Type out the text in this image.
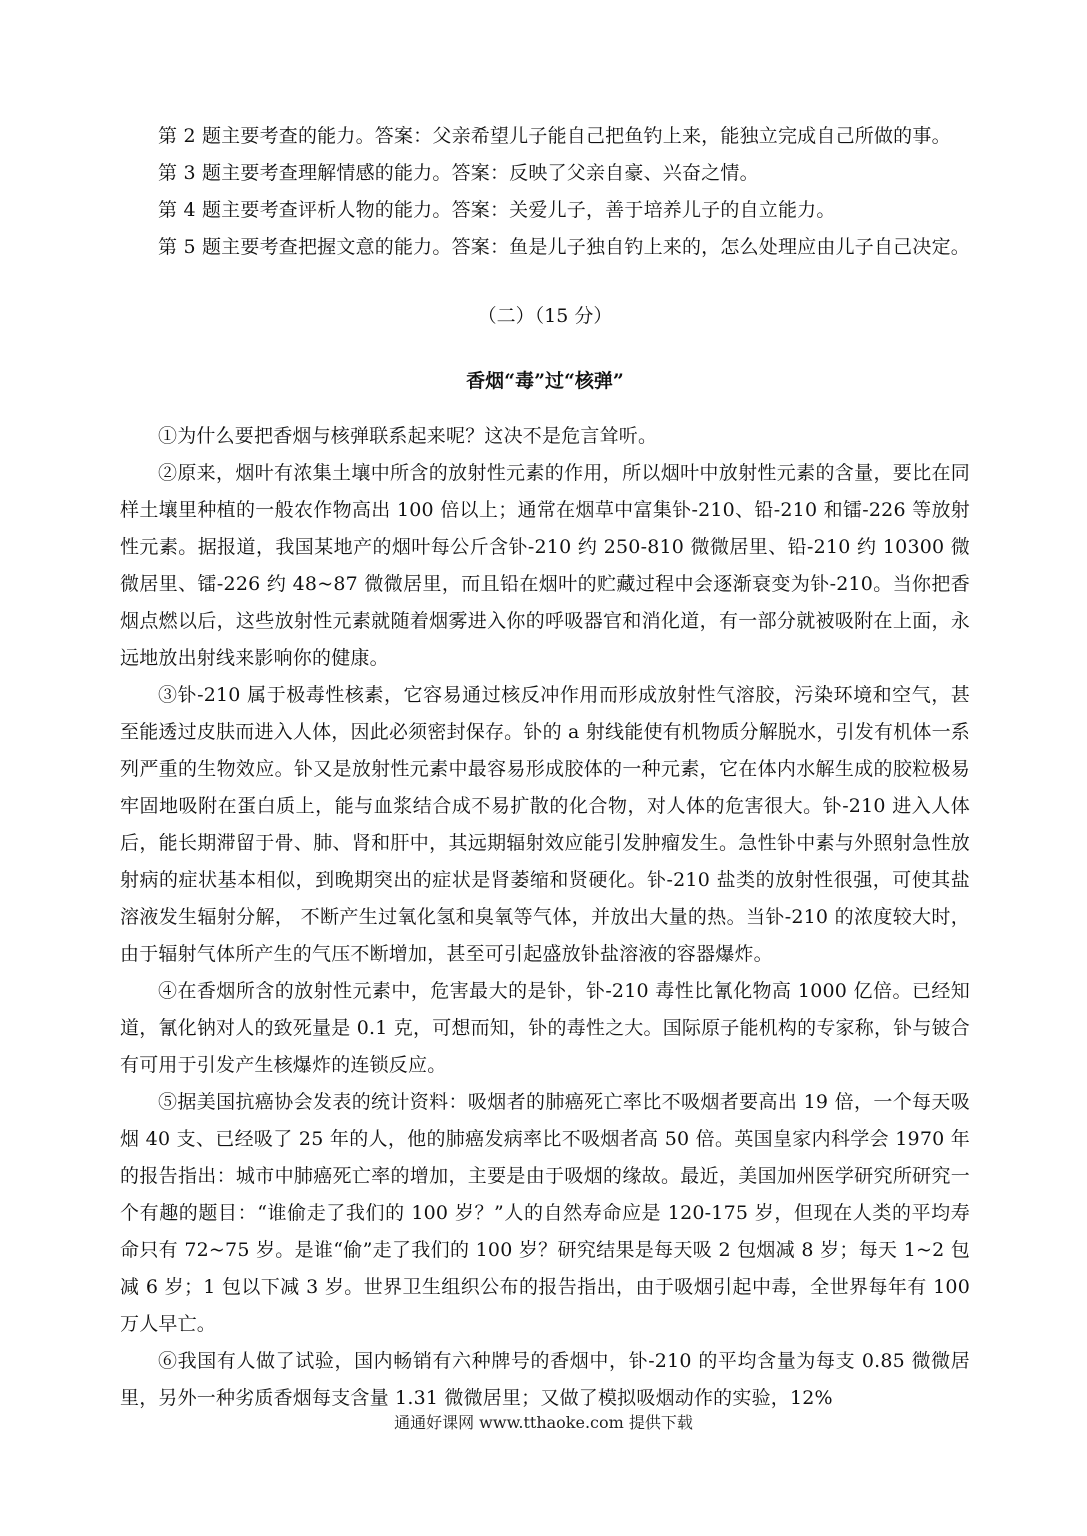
第 2 题主要考查的能力。答案：父亲希望儿子能自己把鱼钓上来，能独立完成自己所做的事。

第 3 题主要考查理解情感的能力。答案：反映了父亲自豪、兴奋之情。

第 4 题主要考查评析人物的能力。答案：关爱儿子，善于培养儿子的自立能力。

第 5 题主要考查把握文意的能力。答案：鱼是儿子独自钓上来的，怎么处理应由儿子自己决定。

（二）（15 分）
香烟“毒”过“核弹”

①为什么要把香烟与核弹联系起来呢？这决不是危言耸听。

②原来，烟叶有浓集土壤中所含的放射性元素的作用，所以烟叶中放射性元素的含量，要比在同样土壤里种植的一般农作物高出 100 倍以上；通常在烟草中富集钋-210、铅-210 和镭-226 等放射性元素。据报道，我国某地产的烟叶每公斤含钋-210 约 250-810 微微居里、铅-210 约 10300 微微居里、镭-226 约 48~87 微微居里，而且铅在烟叶的贮藏过程中会逐渐衰变为钋-210。当你把香烟点燃以后，这些放射性元素就随着烟雾进入你的呼吸器官和消化道，有一部分就被吸附在上面，永远地放出射线来影响你的健康。

③钋-210 属于极毒性核素，它容易通过核反冲作用而形成放射性气溶胶，污染环境和空气，甚至能透过皮肤而进入人体，因此必须密封保存。钋的 a 射线能使有机物质分解脱水，引发有机体一系列严重的生物效应。钋又是放射性元素中最容易形成胶体的一种元素，它在体内水解生成的胶粒极易牢固地吸附在蛋白质上，能与血浆结合成不易扩散的化合物，对人体的危害很大。钋-210 进入人体后，能长期滞留于骨、肺、肾和肝中，其远期辐射效应能引发肿瘤发生。急性钋中素与外照射急性放射病的症状基本相似，到晚期突出的症状是肾萎缩和贤硬化。钋-210 盐类的放射性很强，可使其盐溶液发生辐射分解， 不断产生过氧化氢和臭氧等气体，并放出大量的热。当钋-210 的浓度较大时，由于辐射气体所产生的气压不断增加，甚至可引起盛放钋盐溶液的容器爆炸。

④在香烟所含的放射性元素中，危害最大的是钋，钋-210 毒性比氰化物高 1000 亿倍。已经知道，氰化钠对人的致死量是 0.1 克，可想而知，钋的毒性之大。国际原子能机构的专家称，钋与铍合有可用于引发产生核爆炸的连锁反应。

⑤据美国抗癌协会发表的统计资料：吸烟者的肺癌死亡率比不吸烟者要高出 19 倍，一个每天吸烟 40 支、已经吸了 25 年的人，他的肺癌发病率比不吸烟者高 50 倍。英国皇家内科学会 1970 年的报告指出：城市中肺癌死亡率的增加，主要是由于吸烟的缘故。最近，美国加州医学研究所研究一个有趣的题目：“谁偷走了我们的 100 岁？”人的自然寿命应是 120-175 岁，但现在人类的平均寿命只有 72~75 岁。是谁“偷”走了我们的 100 岁？研究结果是每天吸 2 包烟减 8 岁；每天 1~2 包减 6 岁；1 包以下减 3 岁。世界卫生组织公布的报告指出，由于吸烟引起中毒，全世界每年有 100 万人早亡。

⑥我国有人做了试验，国内畅销有六种牌号的香烟中，钋-210 的平均含量为每支 0.85 微微居里，另外一种劣质香烟每支含量 1.31 微微居里；又做了模拟吸烟动作的实验，12%

通通好课网 www.tthaoke.com 提供下载
